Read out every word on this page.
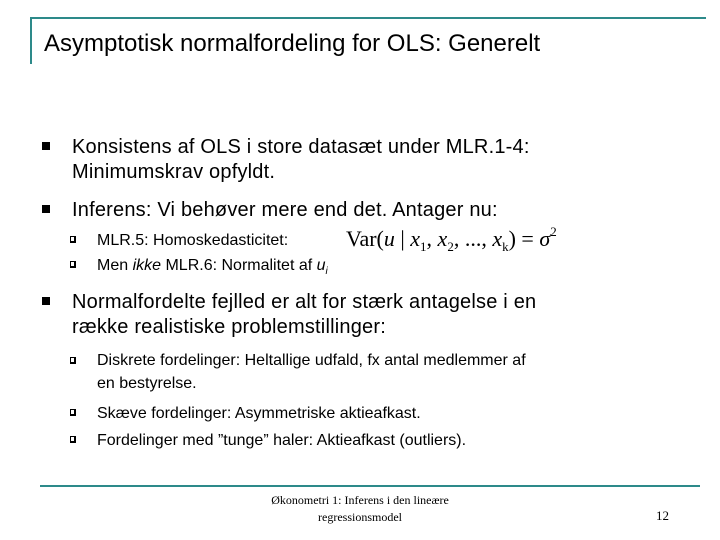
Asymptotisk normalfordeling for OLS: Generelt
Konsistens af OLS i store datasæt under MLR.1-4:
Minimumskrav opfyldt.
Inferens: Vi behøver mere end det. Antager nu:
MLR.5: Homoskedasticitet:	Var(u | $x_1$, $x_2$, ..., $x_k) = \sigma^2$
Men ikke MLR.6: Normalitet af $u_i$
Normalfordelte fejlled er alt for stærk antagelse i en
række realistiske problemstillinger:
Diskrete fordelinger: Heltallige udfald, fx antal medlemmer af
en bestyrelse.
Skæve fordelinger: Asymmetriske aktieafkast.
Fordelinger med ”tunge” haler: Aktieafkast (outliers).
Økonometri 1: Inferens i den lineære
regressionsmodel	12
